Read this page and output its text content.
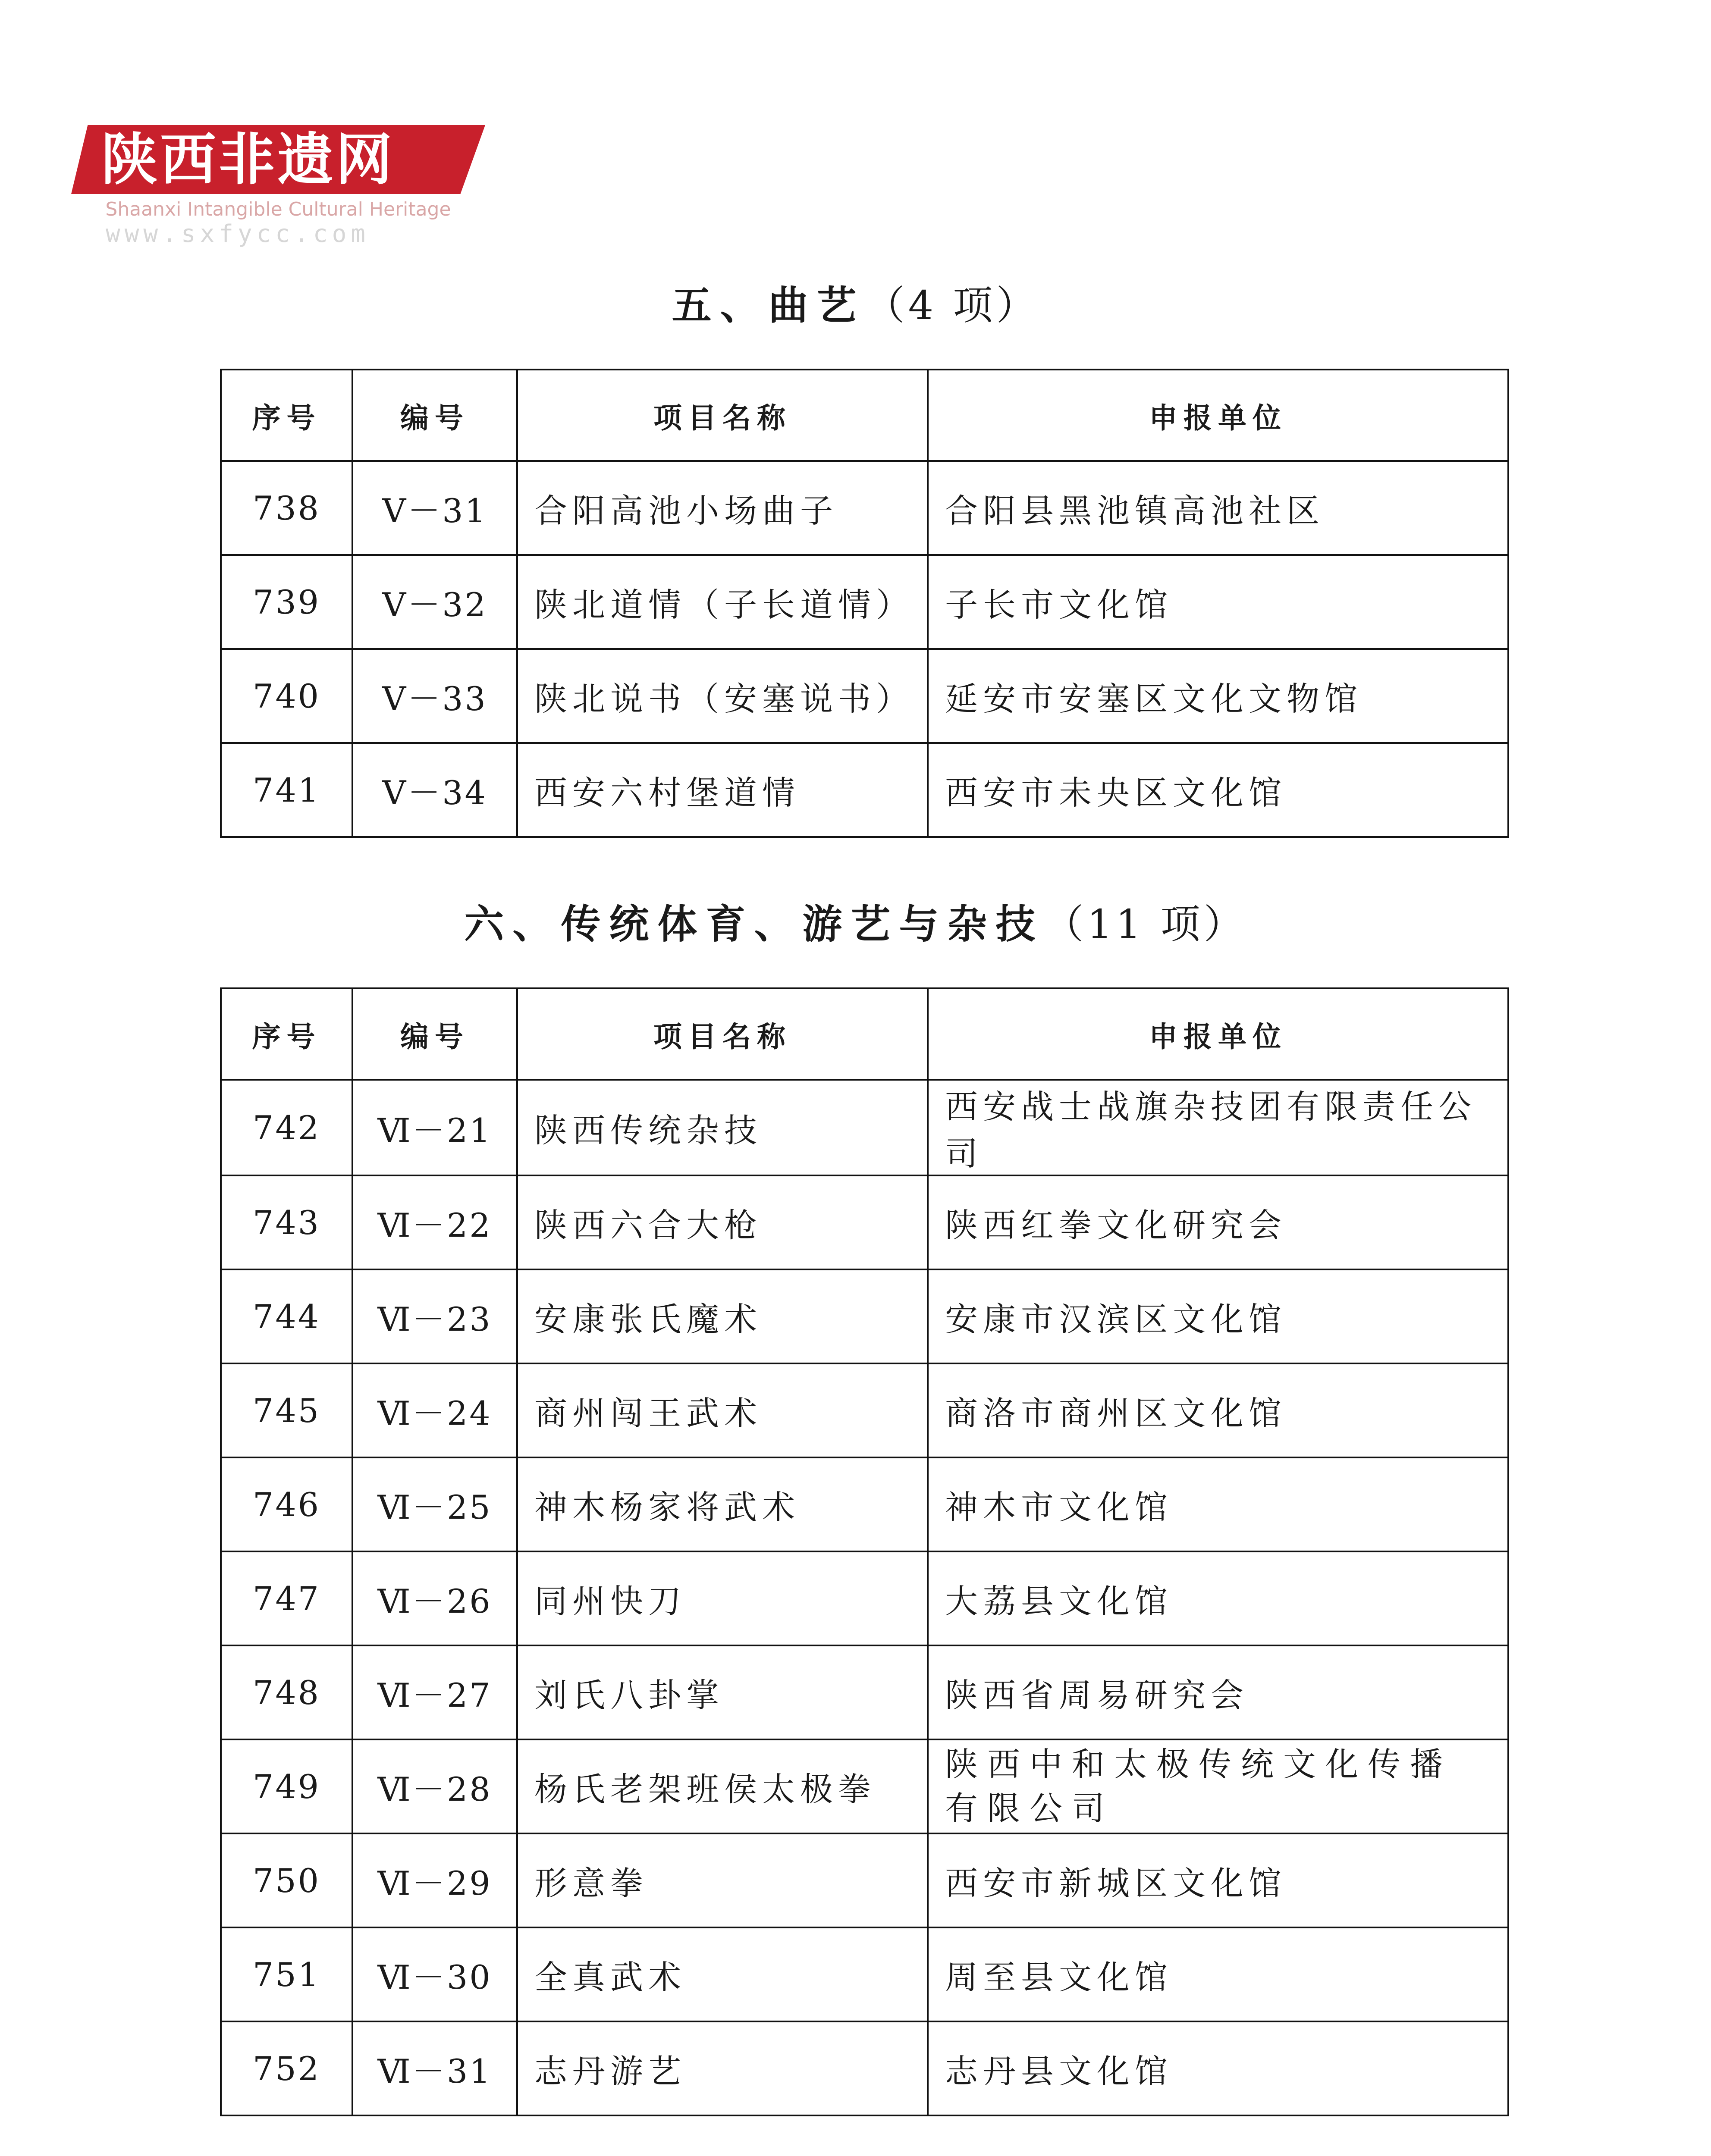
陕西非遗网
Shaanxi Intangible Cultural Heritage
www.sxfycc.com
五、曲艺（4 项）
序号	编号	项目名称	申报单位
738	Ⅴ－31	合阳高池小场曲子	合阳县黑池镇高池社区
739	Ⅴ－32	陕北道情（子长道情）	子长市文化馆
740	Ⅴ－33	陕北说书（安塞说书）	延安市安塞区文化文物馆
741	Ⅴ－34	西安六村堡道情	西安市未央区文化馆
六、传统体育、游艺与杂技（11 项）
序号	编号	项目名称	申报单位
742	Ⅵ－21	陕西传统杂技	西安战士战旗杂技团有限责任公司
743	Ⅵ－22	陕西六合大枪	陕西红拳文化研究会
744	Ⅵ－23	安康张氏魔术	安康市汉滨区文化馆
745	Ⅵ－24	商州闯王武术	商洛市商州区文化馆
746	Ⅵ－25	神木杨家将武术	神木市文化馆
747	Ⅵ－26	同州快刀	大荔县文化馆
748	Ⅵ－27	刘氏八卦掌	陕西省周易研究会
749	Ⅵ－28	杨氏老架班侯太极拳	陕西中和太极传统文化传播有限公司
750	Ⅵ－29	形意拳	西安市新城区文化馆
751	Ⅵ－30	全真武术	周至县文化馆
752	Ⅵ－31	志丹游艺	志丹县文化馆
